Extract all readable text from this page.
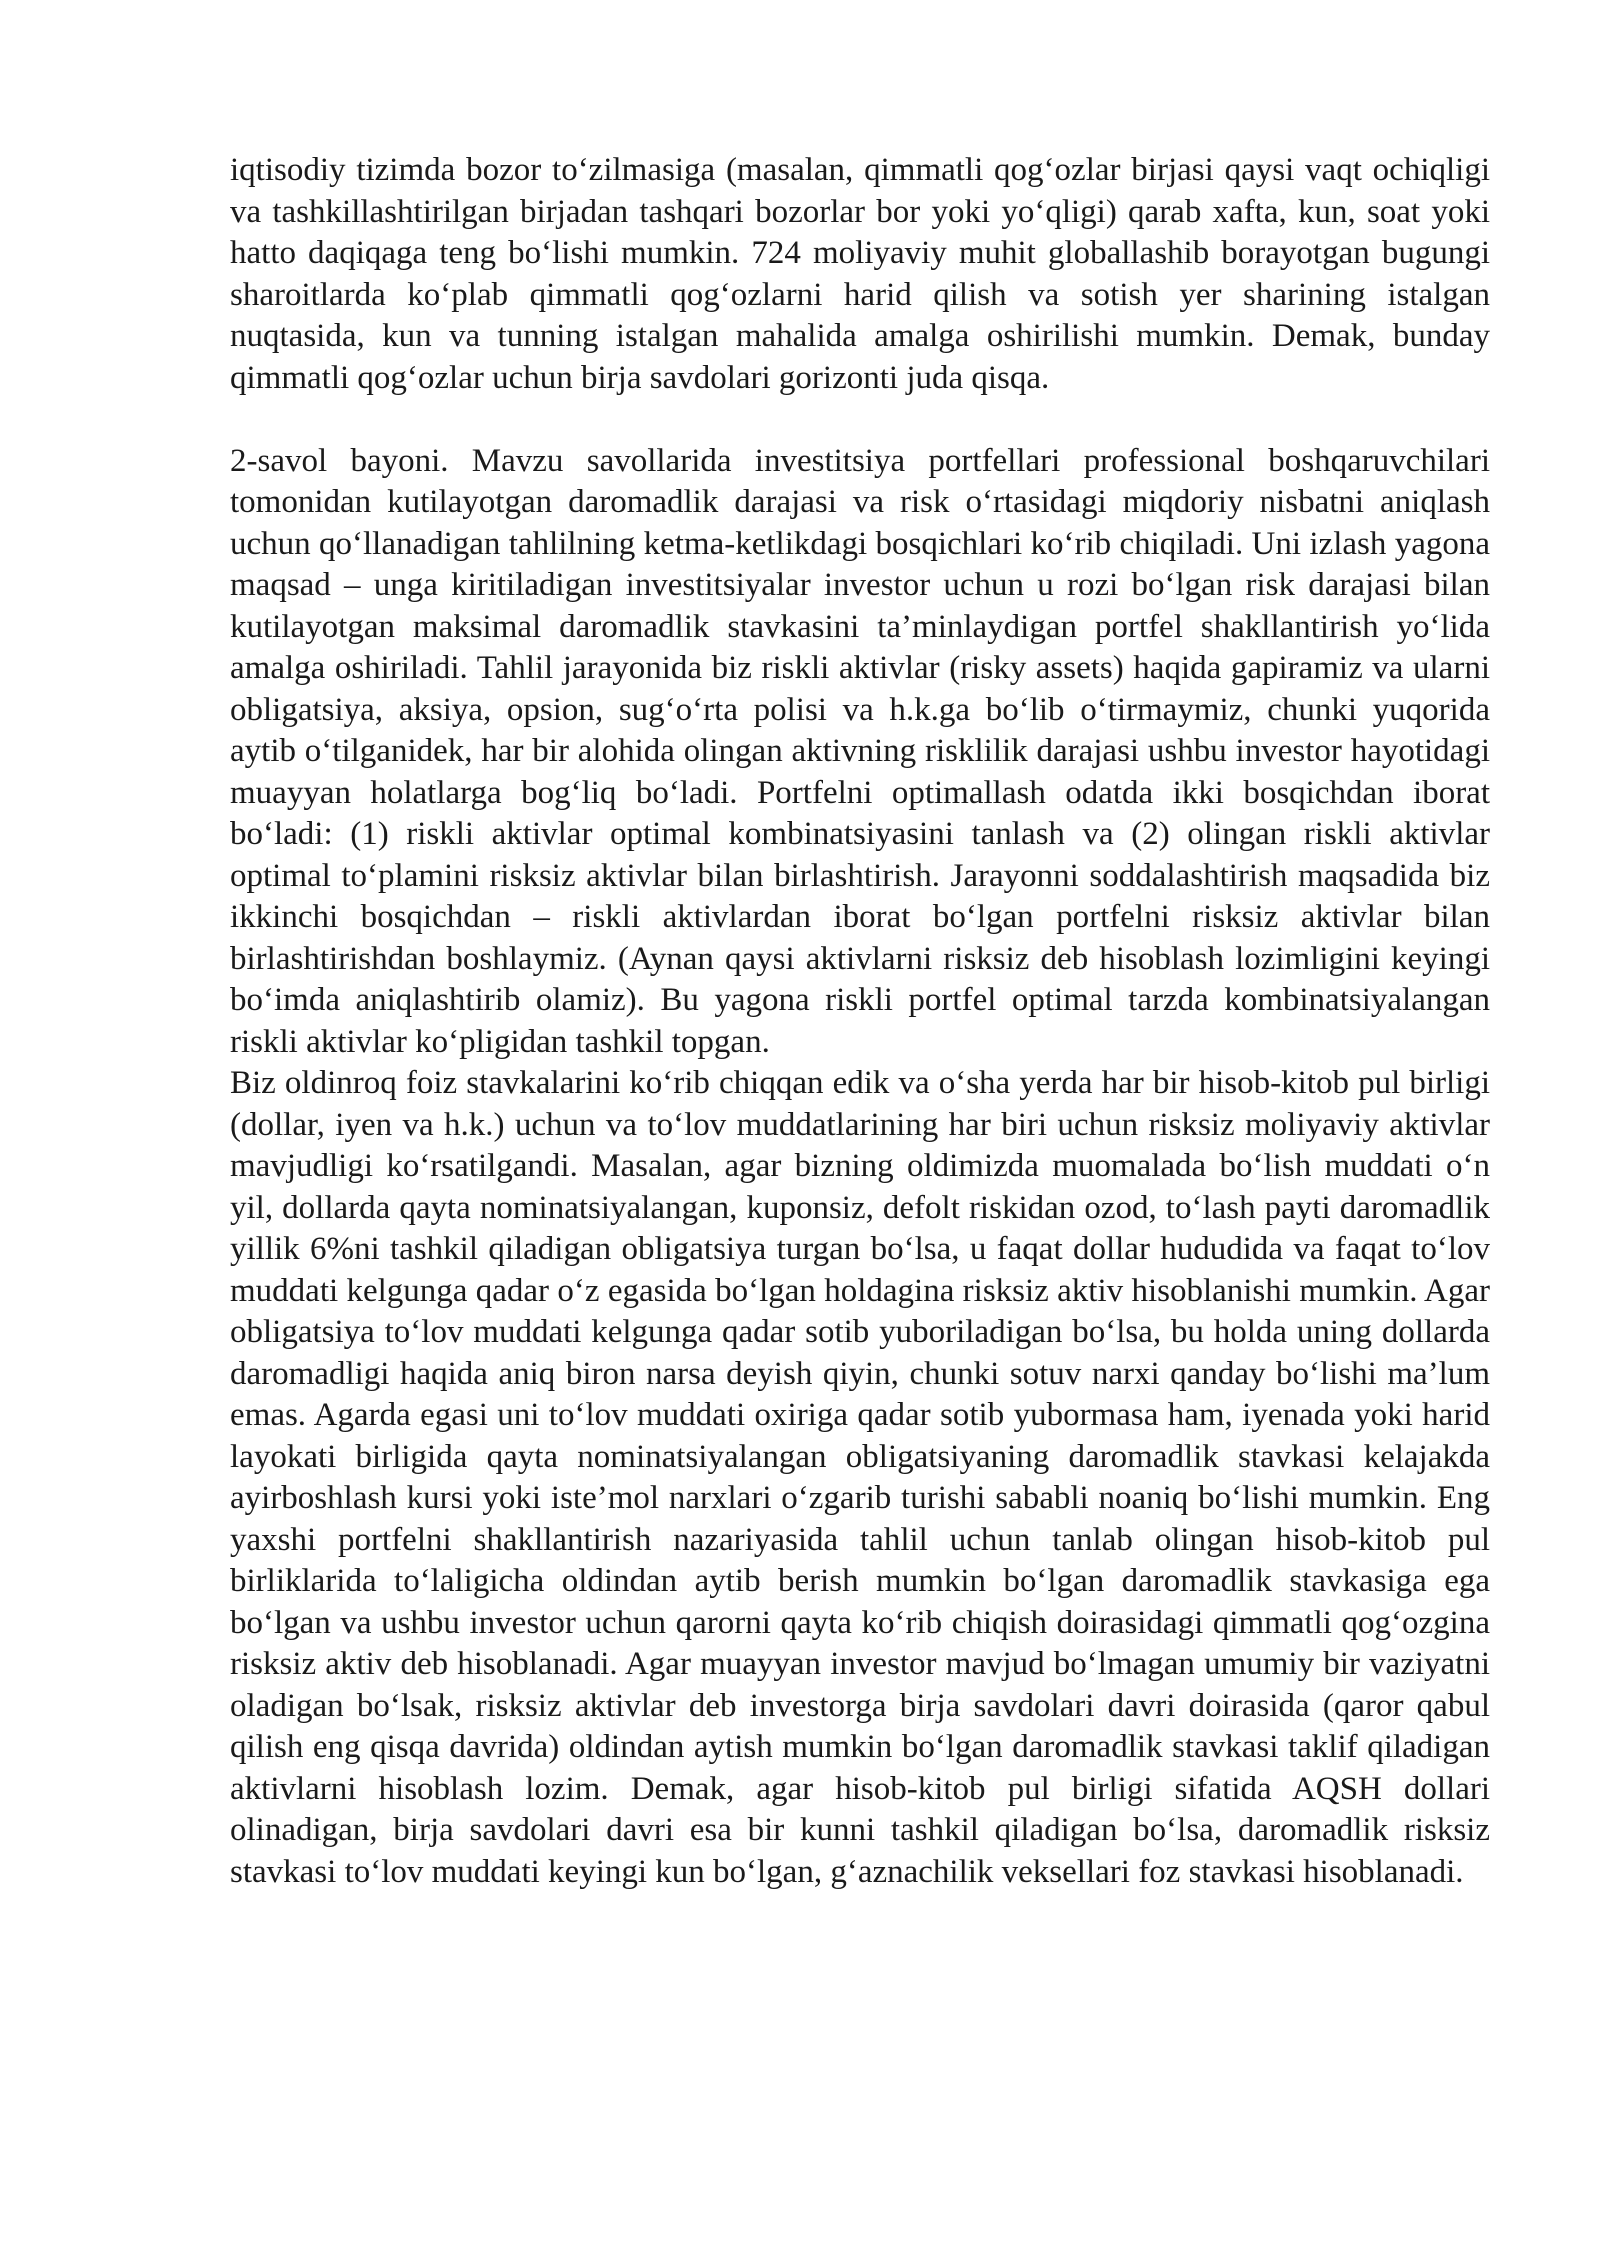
iqtisodiy tizimda bozor to‘zilmasiga (masalan, qimmatli qog‘ozlar birjasi qaysi vaqt ochiqligi va tashkillashtirilgan birjadan tashqari bozorlar bor yoki yo‘qligi) qarab xafta, kun, soat yoki hatto daqiqaga teng bo‘lishi mumkin. 724 moliyaviy muhit globallashib borayotgan bugungi sharoitlarda ko‘plab qimmatli qog‘ozlarni harid qilish va sotish yer sharining istalgan nuqtasida, kun va tunning istalgan mahalida amalga oshirilishi mumkin. Demak, bunday qimmatli qog‘ozlar uchun birja savdolari gorizonti juda qisqa.

2-savol bayoni. Mavzu savollarida investitsiya portfellari professional boshqaruvchilari tomonidan kutilayotgan daromadlik darajasi va risk o‘rtasidagi miqdoriy nisbatni aniqlash uchun qo‘llanadigan tahlilning ketma-ketlikdagi bosqichlari ko‘rib chiqiladi. Uni izlash yagona maqsad – unga kiritiladigan investitsiyalar investor uchun u rozi bo‘lgan risk darajasi bilan kutilayotgan maksimal daromadlik stavkasini ta’minlaydigan portfel shakllantirish yo‘lida amalga oshiriladi. Tahlil jarayonida biz riskli aktivlar (risky assets) haqida gapiramiz va ularni obligatsiya, aksiya, opsion, sug‘o‘rta polisi va h.k.ga bo‘lib o‘tirmaymiz, chunki yuqorida aytib o‘tilganidek, har bir alohida olingan aktivning risklilik darajasi ushbu investor hayotidagi muayyan holatlarga bog‘liq bo‘ladi. Portfelni optimallash odatda ikki bosqichdan iborat bo‘ladi: (1) riskli aktivlar optimal kombinatsiyasini tanlash va (2) olingan riskli aktivlar optimal to‘plamini risksiz aktivlar bilan birlashtirish. Jarayonni soddalashtirish maqsadida biz ikkinchi bosqichdan – riskli aktivlardan iborat bo‘lgan portfelni risksiz aktivlar bilan birlashtirishdan boshlaymiz. (Aynan qaysi aktivlarni risksiz deb hisoblash lozimligini keyingi bo‘imda aniqlashtirib olamiz). Bu yagona riskli portfel optimal tarzda kombinatsiyalangan riskli aktivlar ko‘pligidan tashkil topgan.

Biz oldinroq foiz stavkalarini ko‘rib chiqqan edik va o‘sha yerda har bir hisob-kitob pul birligi (dollar, iyen va h.k.) uchun va to‘lov muddatlarining har biri uchun risksiz moliyaviy aktivlar mavjudligi ko‘rsatilgandi. Masalan, agar bizning oldimizda muomalada bo‘lish muddati o‘n yil, dollarda qayta nominatsiyalangan, kuponsiz, defolt riskidan ozod, to‘lash payti daromadlik yillik 6%ni tashkil qiladigan obligatsiya turgan bo‘lsa, u faqat dollar hududida va faqat to‘lov muddati kelgunga qadar o‘z egasida bo‘lgan holdagina risksiz aktiv hisoblanishi mumkin. Agar obligatsiya to‘lov muddati kelgunga qadar sotib yuboriladigan bo‘lsa, bu holda uning dollarda daromadligi haqida aniq biron narsa deyish qiyin, chunki sotuv narxi qanday bo‘lishi ma’lum emas. Agarda egasi uni to‘lov muddati oxiriga qadar sotib yubormasa ham, iyenada yoki harid layokati birligida qayta nominatsiyalangan obligatsiyaning daromadlik stavkasi kelajakda ayirboshlash kursi yoki iste’mol narxlari o‘zgarib turishi sababli noaniq bo‘lishi mumkin. Eng yaxshi portfelni shakllantirish nazariyasida tahlil uchun tanlab olingan hisob-kitob pul birliklarida to‘laligicha oldindan aytib berish mumkin bo‘lgan daromadlik stavkasiga ega bo‘lgan va ushbu investor uchun qarorni qayta ko‘rib chiqish doirasidagi qimmatli qog‘ozgina risksiz aktiv deb hisoblanadi. Agar muayyan investor mavjud bo‘lmagan umumiy bir vaziyatni oladigan bo‘lsak, risksiz aktivlar deb investorga birja savdolari davri doirasida (qaror qabul qilish eng qisqa davrida) oldindan aytish mumkin bo‘lgan daromadlik stavkasi taklif qiladigan aktivlarni hisoblash lozim. Demak, agar hisob-kitob pul birligi sifatida AQSH dollari olinadigan, birja savdolari davri esa bir kunni tashkil qiladigan bo‘lsa, daromadlik risksiz stavkasi to‘lov muddati keyingi kun bo‘lgan, g‘aznachilik veksellari foz stavkasi hisoblanadi.
